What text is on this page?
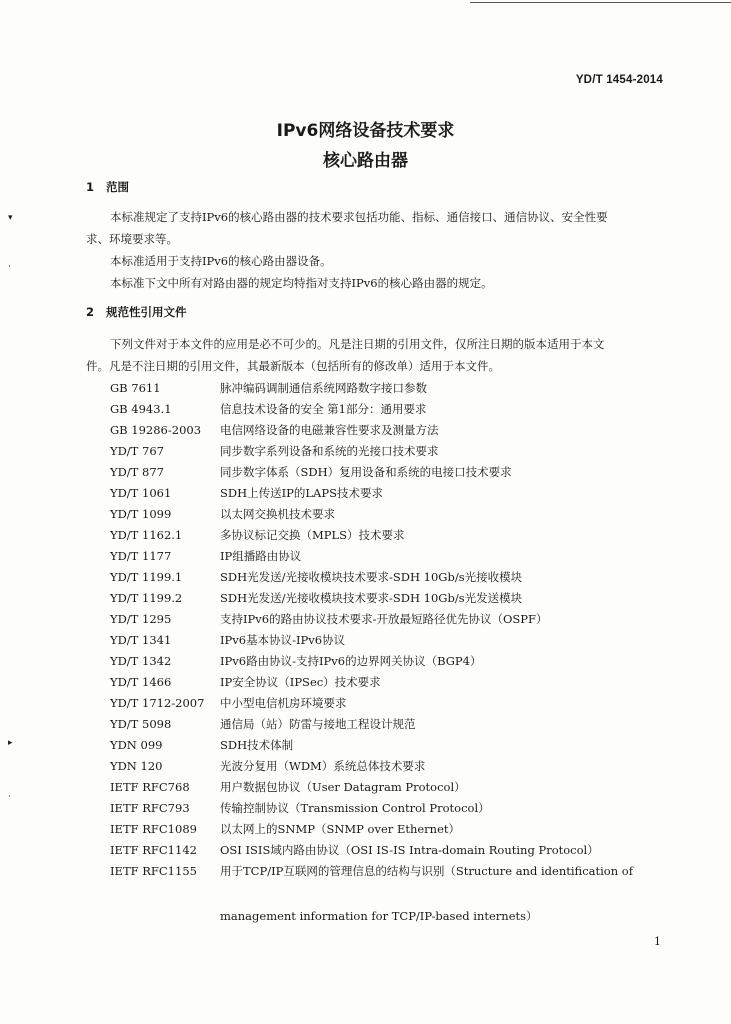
YD/T 1454-2014
IPv6网络设备技术要求
核心路由器
1 范围
本标准规定了支持IPv6的核心路由器的技术要求包括功能、指标、通信接口、通信协议、安全性要
求、环境要求等。
本标准适用于支持IPv6的核心路由器设备。
本标准下文中所有对路由器的规定均特指对支持IPv6的核心路由器的规定。
2 规范性引用文件
下列文件对于本文件的应用是必不可少的。凡是注日期的引用文件，仅所注日期的版本适用于本文
件。凡是不注日期的引用文件，其最新版本（包括所有的修改单）适用于本文件。
GB 7611	脉冲编码调制通信系统网路数字接口参数
GB 4943.1	信息技术设备的安全 第1部分：通用要求
GB 19286-2003 电信网络设备的电磁兼容性要求及测量方法
YD/T 767	同步数字系列设备和系统的光接口技术要求
YD/T 877	同步数字体系（SDH）复用设备和系统的电接口技术要求
YD/T 1061	SDH上传送IP的LAPS技术要求
YD/T 1099	以太网交换机技术要求
YD/T 1162.1	多协议标记交换（MPLS）技术要求
YD/T 1177	IP组播路由协议
YD/T 1199.1	SDH光发送/光接收模块技术要求-SDH 10Gb/s光接收模块
YD/T 1199.2	SDH光发送/光接收模块技术要求-SDH 10Gb/s光发送模块
YD/T 1295	支持IPv6的路由协议技术要求-开放最短路径优先协议（OSPF）
YD/T 1341	IPv6基本协议-IPv6协议
YD/T 1342	IPv6路由协议-支持IPv6的边界网关协议（BGP4）
YD/T 1466	IP安全协议（IPSec）技术要求
YD/T 1712-2007 中小型电信机房环境要求
YD/T 5098	通信局（站）防雷与接地工程设计规范
YDN 099	SDH技术体制
YDN 120	光波分复用（WDM）系统总体技术要求
IETF RFC768	用户数据包协议（User Datagram Protocol）
IETF RFC793	传输控制协议（Transmission Control Protocol）
IETF RFC1089 以太网上的SNMP（SNMP over Ethernet）
IETF RFC1142 OSI ISIS域内路由协议（OSI IS-IS Intra-domain Routing Protocol）
IETF RFC1155 用于TCP/IP互联网的管理信息的结构与识别（Structure and identification of
management information for TCP/IP-based internets）
1
▾
·
▸
·
